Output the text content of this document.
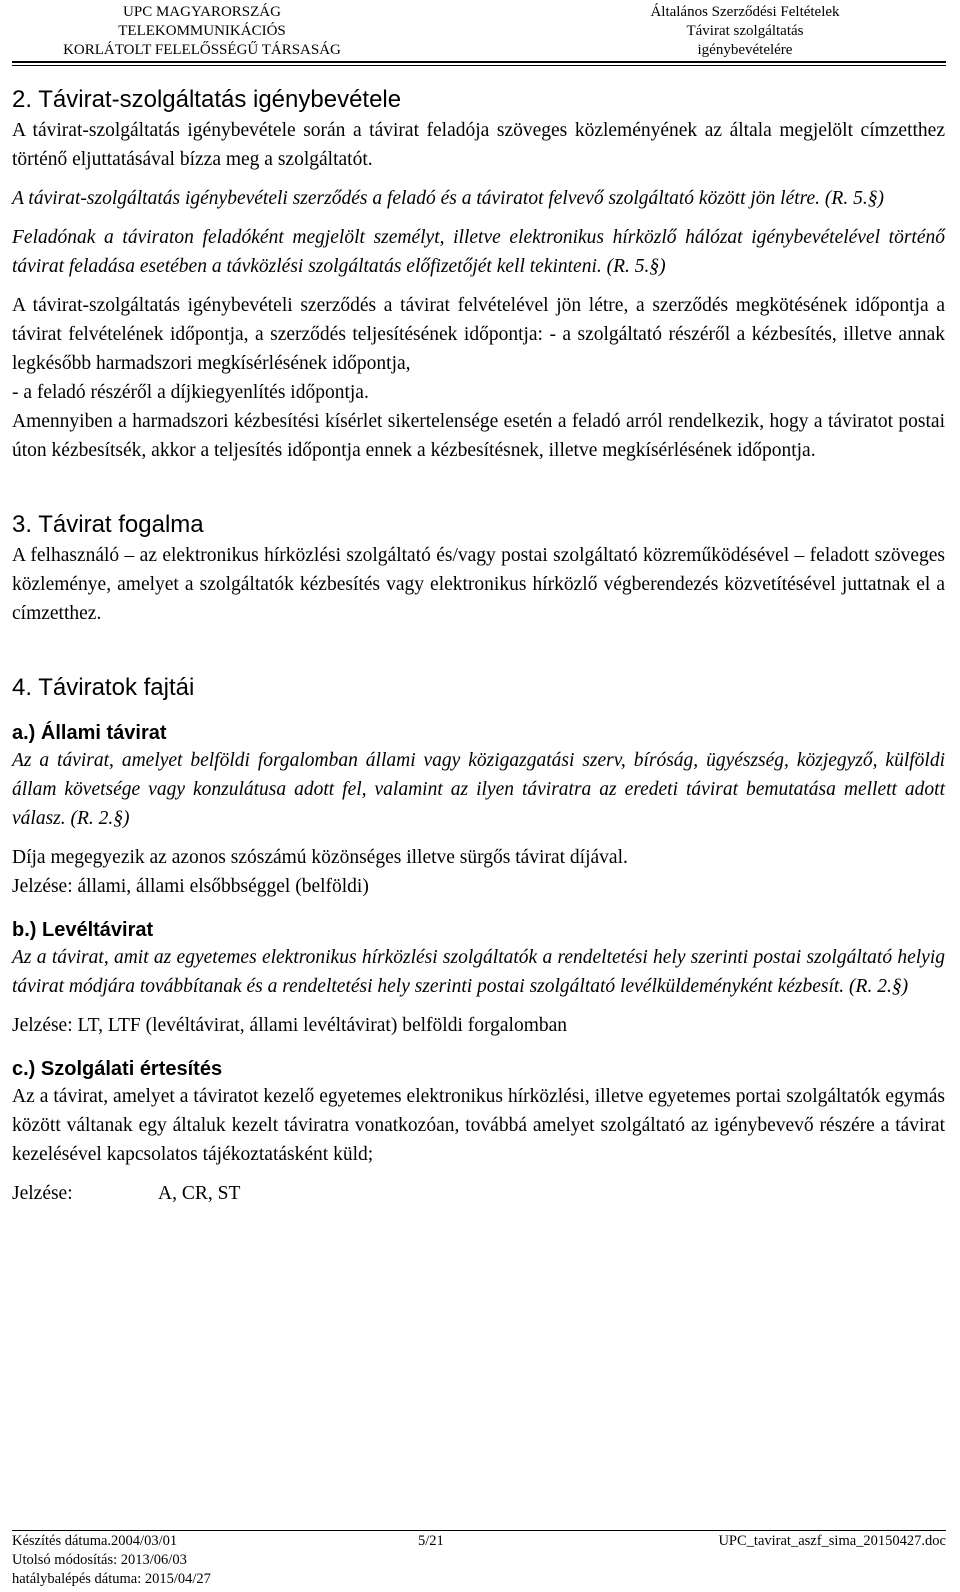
UPC MAGYARORSZÁG
TELEKOMMUNIKÁCIÓS
KORLÁTOLT FELELŐSSÉGŰ TÁRSASÁG
Általános Szerződési Feltételek
Távirat szolgáltatás
igénybevételére
2. Távirat-szolgáltatás igénybevétele

A távirat-szolgáltatás igénybevétele során a távirat feladója szöveges közleményének az általa megjelölt címzetthez történő eljuttatásával bízza meg a szolgáltatót.

A távirat-szolgáltatás igénybevételi szerződés a feladó és a táviratot felvevő szolgáltató között jön létre. (R. 5.§)

Feladónak a táviraton feladóként megjelölt személyt, illetve elektronikus hírközlő hálózat igénybevételével történő távirat feladása esetében a távközlési szolgáltatás előfizetőjét kell tekinteni. (R. 5.§)

A távirat-szolgáltatás igénybevételi szerződés a távirat felvételével jön létre, a szerződés megkötésének időpontja a távirat felvételének időpontja, a szerződés teljesítésének időpontja: - a szolgáltató részéről a kézbesítés, illetve annak legkésőbb harmadszori megkísérlésének időpontja,

- a feladó részéről a díjkiegyenlítés időpontja.

Amennyiben a harmadszori kézbesítési kísérlet sikertelensége esetén a feladó arról rendelkezik, hogy a táviratot postai úton kézbesítsék, akkor a teljesítés időpontja ennek a kézbesítésnek, illetve megkísérlésének időpontja.

3. Távirat fogalma

A felhasználó – az elektronikus hírközlési szolgáltató és/vagy postai szolgáltató közreműködésével – feladott szöveges közleménye, amelyet a szolgáltatók kézbesítés vagy elektronikus hírközlő végberendezés közvetítésével juttatnak el a címzetthez.

4. Táviratok fajtái
a.) Állami távirat

Az a távirat, amelyet belföldi forgalomban állami vagy közigazgatási szerv, bíróság, ügyészség, közjegyző, külföldi állam követsége vagy konzulátusa adott fel, valamint az ilyen táviratra az eredeti távirat bemutatása mellett adott válasz. (R. 2.§)

Díja megegyezik az azonos szószámú közönséges illetve sürgős távirat díjával.

Jelzése: állami, állami elsőbbséggel (belföldi)

b.) Levéltávirat

Az a távirat, amit az egyetemes elektronikus hírközlési szolgáltatók a rendeltetési hely szerinti postai szolgáltató helyig távirat módjára továbbítanak és a rendeltetési hely szerinti postai szolgáltató levélküldeményként kézbesít. (R. 2.§)

Jelzése: LT, LTF (levéltávirat, állami levéltávirat) belföldi forgalomban

c.) Szolgálati értesítés

Az a távirat, amelyet a táviratot kezelő egyetemes elektronikus hírközlési, illetve egyetemes portai szolgáltatók egymás között váltanak egy általuk kezelt táviratra vonatkozóan, továbbá amelyet szolgáltató az igénybevevő részére a távirat kezelésével kapcsolatos tájékoztatásként küld;

Jelzése:	A, CR, ST

Készítés dátuma.2004/03/01
Utolsó módosítás: 2013/06/03
hatálybalépés dátuma: 2015/04/27
5/21	UPC_tavirat_aszf_sima_20150427.doc
